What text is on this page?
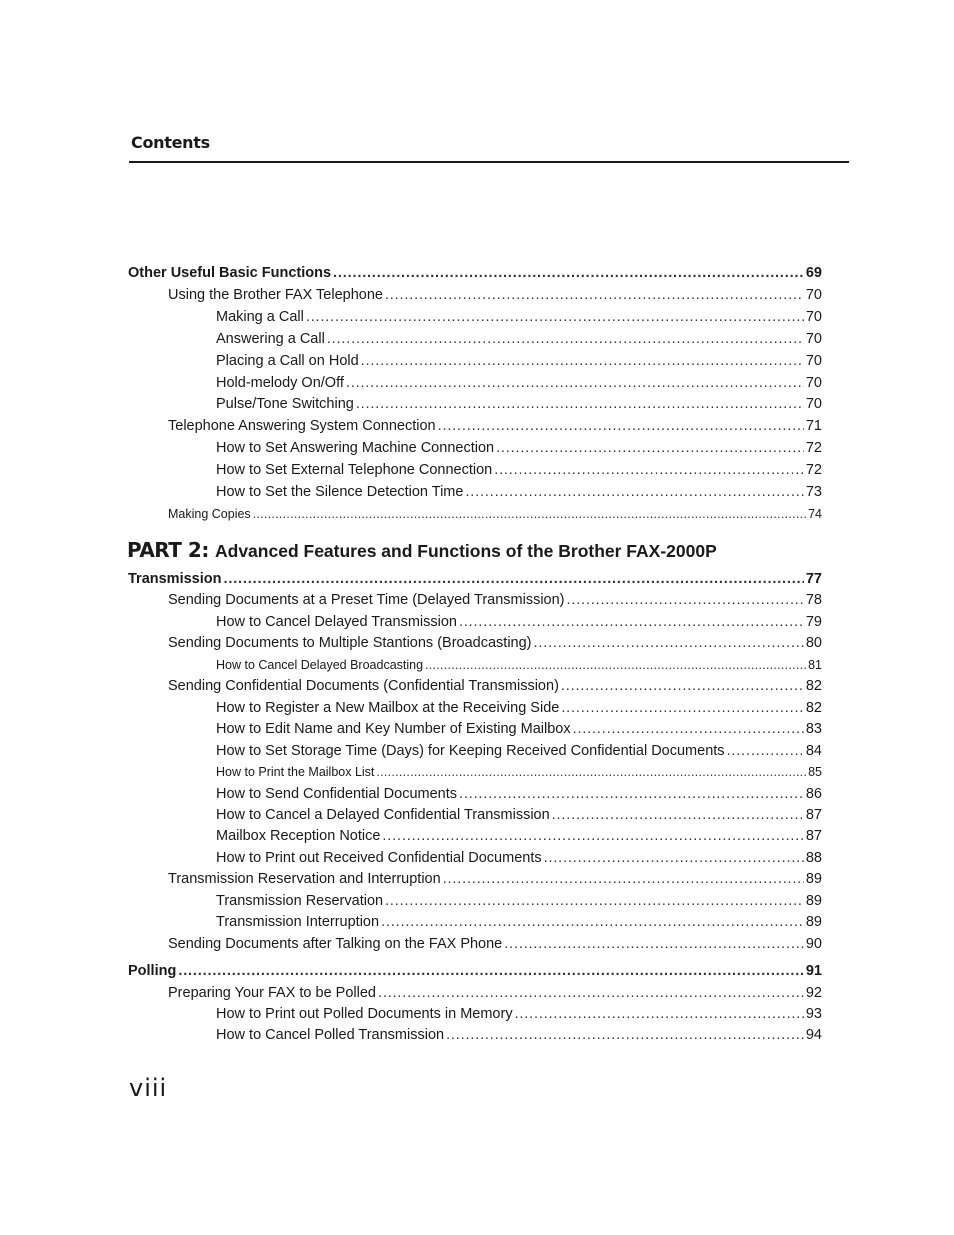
Contents
Other Useful Basic Functions . . .	69
Using the Brother FAX Telephone . . .	70
Making a Call . . .	70
Answering a Call . . .	70
Placing a Call on Hold . . .	70
Hold-melody On/Off . . .	70
Pulse/Tone Switching . . .	70
Telephone Answering System Connection . . .	71
How to Set Answering Machine Connection . . .	72
How to Set External Telephone Connection . . .	72
How to Set the Silence Detection Time . . .	73
Making Copies . . .	74
Transmission . . .	77
Sending Documents at a Preset Time (Delayed Transmission) . . .	78
How to Cancel Delayed Transmission . . .	79
Sending Documents to Multiple Stantions (Broadcasting) . . .	80
How to Cancel Delayed Broadcasting . . .	81
Sending Confidential Documents (Confidential Transmission) . . .	82
How to Register a New Mailbox at the Receiving Side . . .	82
How to Edit Name and Key Number of Existing Mailbox . . .	83
How to Set Storage Time (Days) for Keeping Received Confidential Documents . . .	84
How to Print the Mailbox List . . .	85
How to Send Confidential Documents . . .	86
How to Cancel a Delayed Confidential Transmission . . .	87
Mailbox Reception Notice . . .	87
How to Print out Received Confidential Documents . . .	88
Transmission Reservation and Interruption . . .	89
Transmission Reservation . . .	89
Transmission Interruption . . .	89
Sending Documents after Talking on the FAX Phone . . .	90
Polling . . .	91
Preparing Your FAX to be Polled . . .	92
How to Print out Polled Documents in Memory . . .	93
How to Cancel Polled Transmission . . .	94
PART 2: Advanced Features and Functions of the Brother FAX-2000P
viii
